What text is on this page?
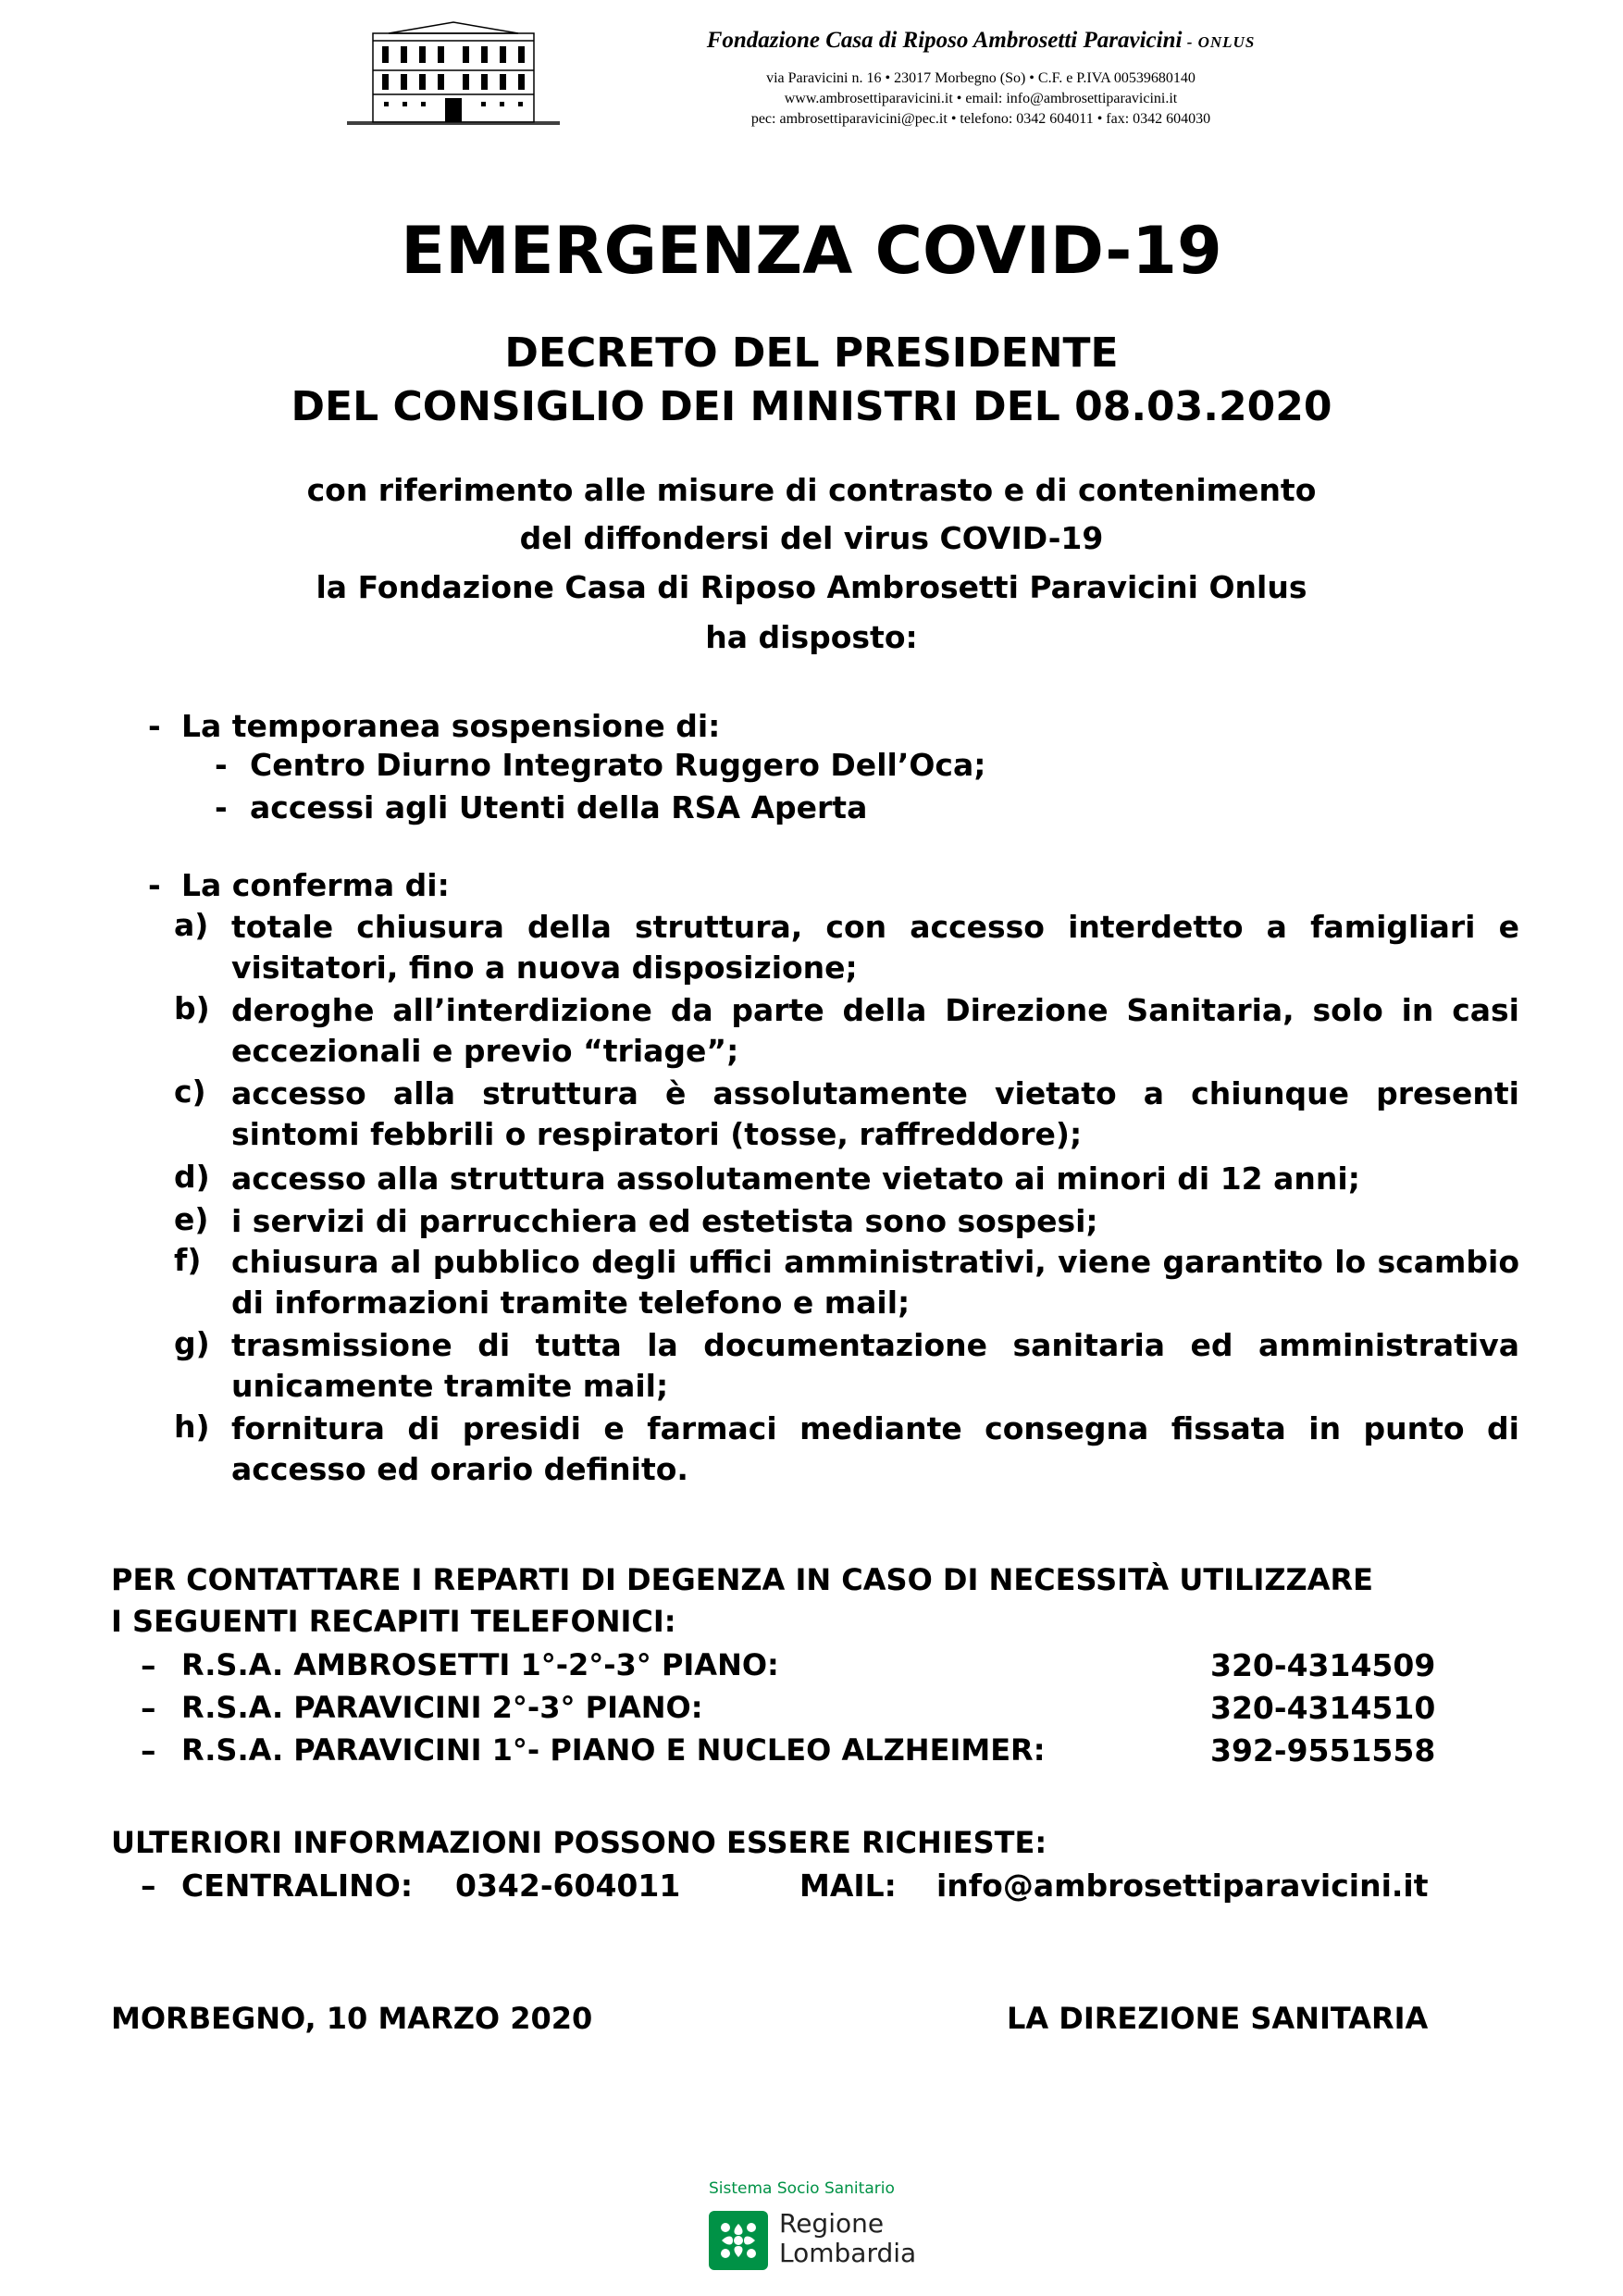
Fondazione Casa di Riposo Ambrosetti Paravicini - ONLUS
via Paravicini n. 16 • 23017 Morbegno (So) • C.F. e P.IVA 00539680140
www.ambrosettiparavicini.it • email: info@ambrosettiparavicini.it
pec: ambrosettiparavicini@pec.it • telefono: 0342 604011 • fax: 0342 604030
EMERGENZA COVID-19
DECRETO DEL PRESIDENTE
DEL CONSIGLIO DEI MINISTRI DEL 08.03.2020
con riferimento alle misure di contrasto e di contenimento
del diffondersi del virus COVID-19
la Fondazione Casa di Riposo Ambrosetti Paravicini Onlus
ha disposto:
- La temporanea sospensione di:
- Centro Diurno Integrato Ruggero Dell’Oca;
- accessi agli Utenti della RSA Aperta
- La conferma di:
a) totale chiusura della struttura, con accesso interdetto a famigliari e visitatori, fino a nuova disposizione;
b) deroghe all’interdizione da parte della Direzione Sanitaria, solo in casi eccezionali e previo “triage”;
c) accesso alla struttura è assolutamente vietato a chiunque presenti sintomi febbrili o respiratori (tosse, raffreddore);
d) accesso alla struttura assolutamente vietato ai minori di 12 anni;
e) i servizi di parrucchiera ed estetista sono sospesi;
f) chiusura al pubblico degli uffici amministrativi, viene garantito lo scambio di informazioni tramite telefono e mail;
g) trasmissione di tutta la documentazione sanitaria ed amministrativa unicamente tramite mail;
h) fornitura di presidi e farmaci mediante consegna fissata in punto di accesso ed orario definito.
PER CONTATTARE I REPARTI DI DEGENZA IN CASO DI NECESSITÀ UTILIZZARE
I SEGUENTI RECAPITI TELEFONICI:
– R.S.A. AMBROSETTI 1°-2°-3° PIANO:	320-4314509
– R.S.A. PARAVICINI 2°-3° PIANO:	320-4314510
– R.S.A. PARAVICINI 1°- PIANO E NUCLEO ALZHEIMER:	392-9551558
ULTERIORI INFORMAZIONI POSSONO ESSERE RICHIESTE:
– CENTRALINO: 0342-604011	MAIL: info@ambrosettiparavicini.it
MORBEGNO, 10 MARZO 2020	LA DIREZIONE SANITARIA
Sistema Socio Sanitario
Regione
Lombardia
